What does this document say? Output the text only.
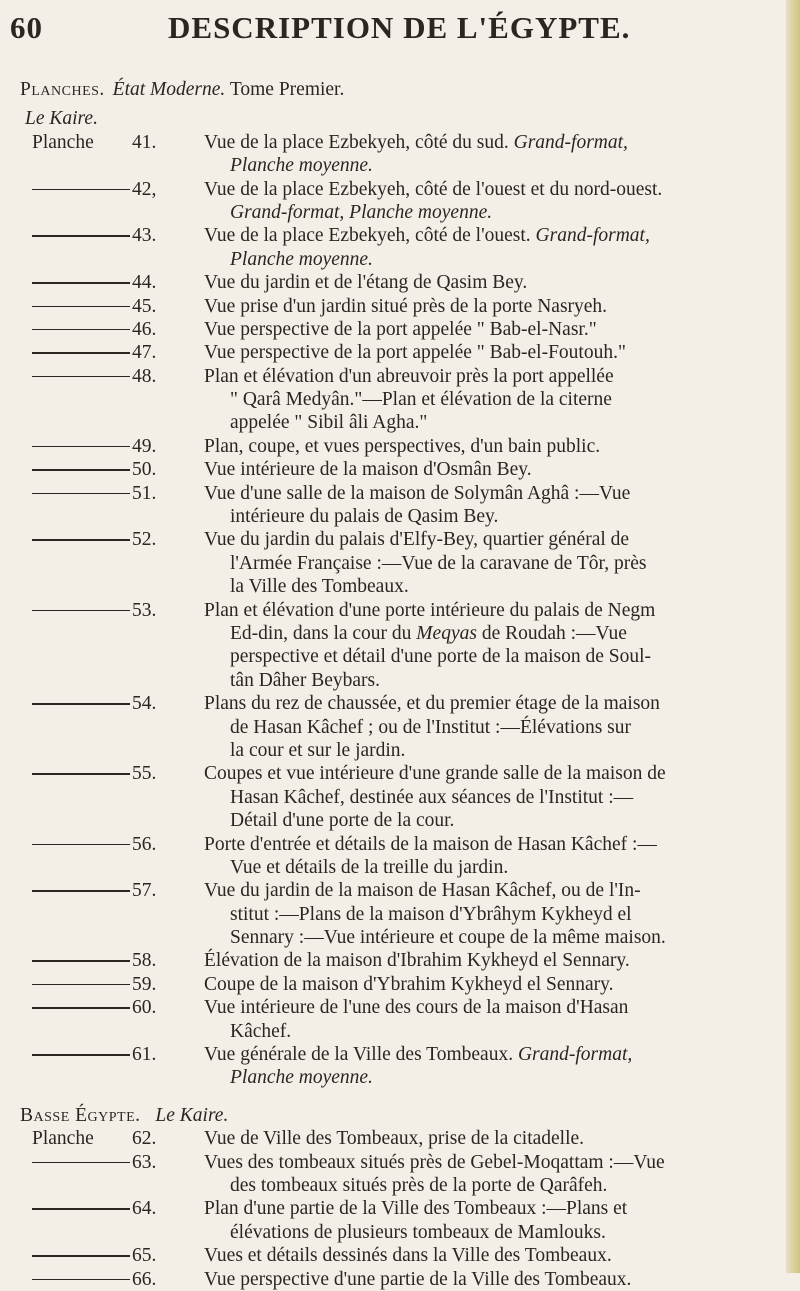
60	DESCRIPTION DE L'ÉGYPTE.
Planches. État Moderne. Tome Premier.
Le Kaire.
Planche 41. Vue de la place Ezbekyeh, côté du sud. Grand-format,
Planche moyenne.
42, Vue de la place Ezbekyeh, côté de l'ouest et du nord-ouest.
Grand-format, Planche moyenne.
43. Vue de la place Ezbekyeh, côté de l'ouest. Grand-format,
Planche moyenne.
44. Vue du jardin et de l'étang de Qasim Bey.
45. Vue prise d'un jardin situé près de la porte Nasryeh.
46. Vue perspective de la port appelée " Bab-el-Nasr."
47. Vue perspective de la port appelée " Bab-el-Foutouh."
48. Plan et élévation d'un abreuvoir près la port appellée
" Qarâ Medyân."—Plan et élévation de la citerne
appelée " Sibil âli Agha."
49. Plan, coupe, et vues perspectives, d'un bain public.
50. Vue intérieure de la maison d'Osmân Bey.
51. Vue d'une salle de la maison de Solymân Aghâ :—Vue
intérieure du palais de Qasim Bey.
52. Vue du jardin du palais d'Elfy-Bey, quartier général de
l'Armée Française :—Vue de la caravane de Tôr, près
la Ville des Tombeaux.
53. Plan et élévation d'une porte intérieure du palais de Negm
Ed-din, dans la cour du Meqyas de Roudah :—Vue
perspective et détail d'une porte de la maison de Soul-
tân Dâher Beybars.
54. Plans du rez de chaussée, et du premier étage de la maison
de Hasan Kâchef ; ou de l'Institut :—Élévations sur
la cour et sur le jardin.
55. Coupes et vue intérieure d'une grande salle de la maison de
Hasan Kâchef, destinée aux séances de l'Institut :—
Détail d'une porte de la cour.
56. Porte d'entrée et détails de la maison de Hasan Kâchef :—
Vue et détails de la treille du jardin.
57. Vue du jardin de la maison de Hasan Kâchef, ou de l'In-
stitut :—Plans de la maison d'Ybrâhym Kykheyd el
Sennary :—Vue intérieure et coupe de la même maison.
58. Élévation de la maison d'Ibrahim Kykheyd el Sennary.
59. Coupe de la maison d'Ybrahim Kykheyd el Sennary.
60. Vue intérieure de l'une des cours de la maison d'Hasan
Kâchef.
61. Vue générale de la Ville des Tombeaux. Grand-format,
Planche moyenne.
Basse Égypte. Le Kaire.
Planche 62. Vue de Ville des Tombeaux, prise de la citadelle.
63. Vues des tombeaux situés près de Gebel-Moqattam :—Vue
des tombeaux situés près de la porte de Qarâfeh.
64. Plan d'une partie de la Ville des Tombeaux :—Plans et
élévations de plusieurs tombeaux de Mamlouks.
65. Vues et détails dessinés dans la Ville des Tombeaux.
66. Vue perspective d'une partie de la Ville des Tombeaux.
